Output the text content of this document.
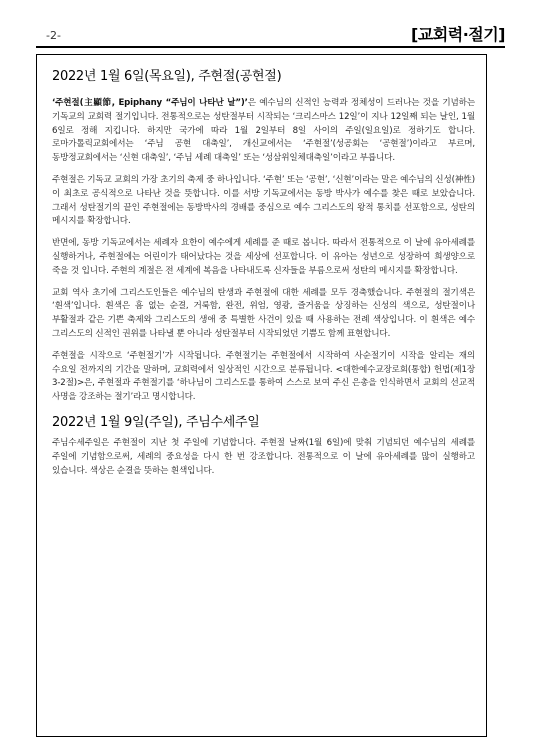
-2-	[교회력·절기]
2022년 1월 6일(목요일), 주현절(공현절)

‘주현절(主顯節, Epiphany “주님이 나타난 날”)’은 예수님의 신적인 능력과 정체성이 드러나는 것을 기념하는 기독교의 교회력 절기입니다. 전통적으로는 성탄절부터 시작되는 ‘크리스마스 12일’이 지나 12일째 되는 날인, 1월 6일로 정해 지킵니다. 하지만 국가에 따라 1월 2일부터 8일 사이의 주일(일요일)로 정하기도 합니다. 로마가톨릭교회에서는 ‘주님 공현 대축일’, 개신교에서는 ‘주현절’(성공회는 ‘공현절’)이라고 부르며, 동방정교회에서는 ‘신현 대축일’, ‘주님 세례 대축일’ 또는 ‘성삼위일체대축일’이라고 부릅니다.

주현절은 기독교 교회의 가장 초기의 축제 중 하나입니다. ‘주현’ 또는 ‘공현’, ‘신현’이라는 말은 예수님의 신성(神性)이 최초로 공식적으로 나타난 것을 뜻합니다. 이를 서방 기독교에서는 동방 박사가 예수를 찾은 때로 보았습니다. 그래서 성탄절기의 끝인 주현절에는 동방박사의 경배를 중심으로 예수 그리스도의 왕적 통치를 선포함으로, 성탄의 메시지를 확장합니다.

반면에, 동방 기독교에서는 세례자 요한이 예수에게 세례를 준 때로 봅니다. 따라서 전통적으로 이 날에 유아세례를 실행하거나, 주현절에는 어린이가 태어났다는 것을 세상에 선포합니다. 이 유아는 성년으로 성장하여 희생양으로 죽을 것 입니다. 주현의 계절은 전 세계에 복음을 나타내도록 신자들을 부름으로써 성탄의 메시지를 확장합니다.

교회 역사 초기에 그리스도인들은 예수님의 탄생과 주현절에 대한 세례를 모두 경축했습니다. 주현절의 절기색은 ‘흰색’입니다. 흰색은 흠 없는 순결, 거룩함, 완전, 위엄, 영광, 즐거움을 상징하는 신성의 색으로, 성탄절이나 부활절과 같은 기쁜 축제와 그리스도의 생애 중 특별한 사건이 있을 때 사용하는 전례 색상입니다. 이 흰색은 예수 그리스도의 신적인 권위를 나타낼 뿐 아니라 성탄절부터 시작되었던 기쁨도 함께 표현합니다.

주현절을 시작으로 ‘주현절기’가 시작됩니다. 주현절기는 주현절에서 시작하여 사순절기이 시작을 알리는 재의 수요일 전까지의 기간을 말하며, 교회력에서 일상적인 시간으로 분류됩니다. <대한예수교장로회(통합) 헌법(제1장 3-2절)>은, 주현절과 주현절기를 ‘하나님이 그리스도를 통하여 스스로 보여 주신 은총을 인식하면서 교회의 선교적 사명을 강조하는 절기’라고 명시합니다.

2022년 1월 9일(주일), 주님수세주일

주님수세주일은 주현절이 지난 첫 주일에 기념합니다. 주현절 날짜(1월 6일)에 맞춰 기념되던 예수님의 세례를 주일에 기념함으로써, 세례의 중요성을 다시 한 번 강조합니다. 전통적으로 이 날에 유아세례를 많이 실행하고 있습니다. 색상은 순결을 뜻하는 흰색입니다.
